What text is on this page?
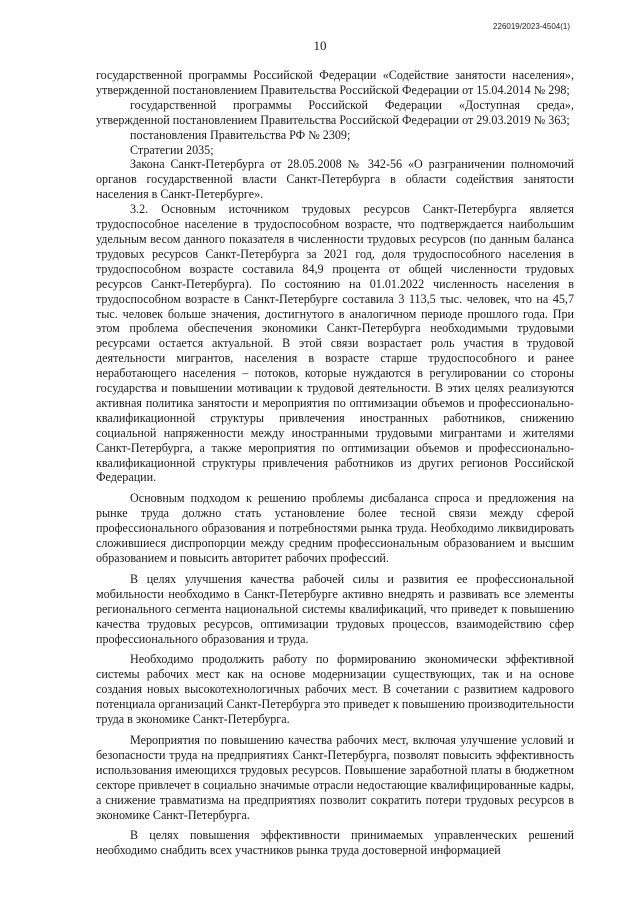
226019/2023-4504(1)
10

государственной программы Российской Федерации «Содействие занятости населения», утвержденной постановлением Правительства Российской Федерации от 15.04.2014 № 298;

государственной программы Российской Федерации «Доступная среда», утвержденной постановлением Правительства Российской Федерации от 29.03.2019 № 363;

постановления Правительства РФ № 2309;

Стратегии 2035;

Закона Санкт-Петербурга от 28.05.2008 № 342-56 «О разграничении полномочий органов государственной власти Санкт-Петербурга в области содействия занятости населения в Санкт-Петербурге».

3.2. Основным источником трудовых ресурсов Санкт-Петербурга является трудоспособное население в трудоспособном возрасте, что подтверждается наибольшим удельным весом данного показателя в численности трудовых ресурсов (по данным баланса трудовых ресурсов Санкт-Петербурга за 2021 год, доля трудоспособного населения в трудоспособном возрасте составила 84,9 процента от общей численности трудовых ресурсов Санкт-Петербурга). По состоянию на 01.01.2022 численность населения в трудоспособном возрасте в Санкт-Петербурге составила 3 113,5 тыс. человек, что на 45,7 тыс. человек больше значения, достигнутого в аналогичном периоде прошлого года. При этом проблема обеспечения экономики Санкт-Петербурга необходимыми трудовыми ресурсами остается актуальной. В этой связи возрастает роль участия в трудовой деятельности мигрантов, населения в возрасте старше трудоспособного и ранее неработающего населения – потоков, которые нуждаются в регулировании со стороны государства и повышении мотивации к трудовой деятельности. В этих целях реализуются активная политика занятости и мероприятия по оптимизации объемов и профессионально-квалификационной структуры привлечения иностранных работников, снижению социальной напряженности между иностранными трудовыми мигрантами и жителями Санкт-Петербурга, а также мероприятия по оптимизации объемов и профессионально-квалификационной структуры привлечения работников из других регионов Российской Федерации.

Основным подходом к решению проблемы дисбаланса спроса и предложения на рынке труда должно стать установление более тесной связи между сферой профессионального образования и потребностями рынка труда. Необходимо ликвидировать сложившиеся диспропорции между средним профессиональным образованием и высшим образованием и повысить авторитет рабочих профессий.

В целях улучшения качества рабочей силы и развития ее профессиональной мобильности необходимо в Санкт-Петербурге активно внедрять и развивать все элементы регионального сегмента национальной системы квалификаций, что приведет к повышению качества трудовых ресурсов, оптимизации трудовых процессов, взаимодействию сфер профессионального образования и труда.

Необходимо продолжить работу по формированию экономически эффективной системы рабочих мест как на основе модернизации существующих, так и на основе создания новых высокотехнологичных рабочих мест. В сочетании с развитием кадрового потенциала организаций Санкт-Петербурга это приведет к повышению производительности труда в экономике Санкт-Петербурга.

Мероприятия по повышению качества рабочих мест, включая улучшение условий и безопасности труда на предприятиях Санкт-Петербурга, позволят повысить эффективность использования имеющихся трудовых ресурсов. Повышение заработной платы в бюджетном секторе привлечет в социально значимые отрасли недостающие квалифицированные кадры, а снижение травматизма на предприятиях позволит сократить потери трудовых ресурсов в экономике Санкт-Петербурга.

В целях повышения эффективности принимаемых управленческих решений необходимо снабдить всех участников рынка труда достоверной информацией
